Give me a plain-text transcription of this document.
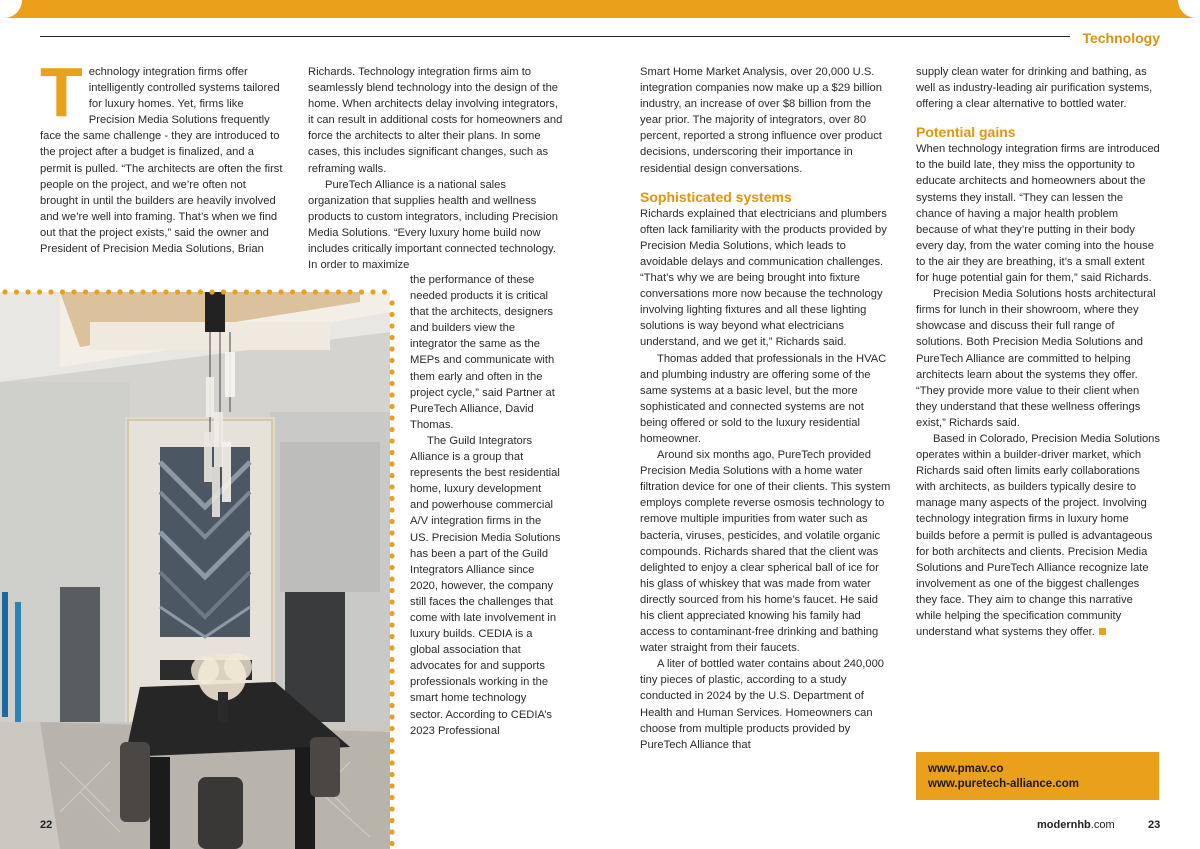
Technology

Technology integration firms offer intelligently controlled systems tailored for luxury homes. Yet, firms like Precision Media Solutions frequently face the same challenge - they are introduced to the project after a budget is finalized, and a permit is pulled. “The architects are often the first people on the project, and we’re often not brought in until the builders are heavily involved and we’re well into framing. That’s when we find out that the project exists,” said the owner and President of Precision Media Solutions, Brian

Richards. Technology integration firms aim to seamlessly blend technology into the design of the home. When architects delay involving integrators, it can result in additional costs for homeowners and force the architects to alter their plans. In some cases, this includes significant changes, such as reframing walls.

PureTech Alliance is a national sales organization that supplies health and wellness products to custom integrators, including Precision Media Solutions. “Every luxury home build now includes critically important connected technology. In order to maximize

the performance of these needed products it is critical that the architects, designers and builders view the integrator the same as the MEPs and communicate with them early and often in the project cycle,” said Partner at PureTech Alliance, David Thomas.

The Guild Integrators Alliance is a group that represents the best residential home, luxury development and powerhouse commercial A/V integration firms in the US. Precision Media Solutions has been a part of the Guild Integrators Alliance since 2020, however, the company still faces the challenges that come with late involvement in luxury builds. CEDIA is a global association that advocates for and supports professionals working in the smart home technology sector. According to CEDIA’s 2023 Professional

Smart Home Market Analysis, over 20,000 U.S. integration companies now make up a $29 billion industry, an increase of over $8 billion from the year prior. The majority of integrators, over 80 percent, reported a strong influence over product decisions, underscoring their importance in residential design conversations.

Sophisticated systems

Richards explained that electricians and plumbers often lack familiarity with the products provided by Precision Media Solutions, which leads to avoidable delays and communication challenges. “That’s why we are being brought into fixture conversations more now because the technology involving lighting fixtures and all these lighting solutions is way beyond what electricians understand, and we get it,” Richards said.

Thomas added that professionals in the HVAC and plumbing industry are offering some of the same systems at a basic level, but the more sophisticated and connected systems are not being offered or sold to the luxury residential homeowner.

Around six months ago, PureTech provided Precision Media Solutions with a home water filtration device for one of their clients. This system employs complete reverse osmosis technology to remove multiple impurities from water such as bacteria, viruses, pesticides, and volatile organic compounds. Richards shared that the client was delighted to enjoy a clear spherical ball of ice for his glass of whiskey that was made from water directly sourced from his home’s faucet. He said his client appreciated knowing his family had access to contaminant-free drinking and bathing water straight from their faucets.

A liter of bottled water contains about 240,000 tiny pieces of plastic, according to a study conducted in 2024 by the U.S. Department of Health and Human Services. Homeowners can choose from multiple products provided by PureTech Alliance that

supply clean water for drinking and bathing, as well as industry-leading air purification systems, offering a clear alternative to bottled water.

Potential gains

When technology integration firms are introduced to the build late, they miss the opportunity to educate architects and homeowners about the systems they install. “They can lessen the chance of having a major health problem because of what they’re putting in their body every day, from the water coming into the house to the air they are breathing, it’s a small extent for huge potential gain for them,” said Richards.

Precision Media Solutions hosts architectural firms for lunch in their showroom, where they showcase and discuss their full range of solutions. Both Precision Media Solutions and PureTech Alliance are committed to helping architects learn about the systems they offer. “They provide more value to their client when they understand that these wellness offerings exist,” Richards said.

Based in Colorado, Precision Media Solutions operates within a builder-driver market, which Richards said often limits early collaborations with architects, as builders typically desire to manage many aspects of the project. Involving technology integration firms in luxury home builds before a permit is pulled is advantageous for both architects and clients. Precision Media Solutions and PureTech Alliance recognize late involvement as one of the biggest challenges they face. They aim to change this narrative while helping the specification community understand what systems they offer.

www.pmav.co
www.puretech-alliance.com
22	modernhb.com	23
